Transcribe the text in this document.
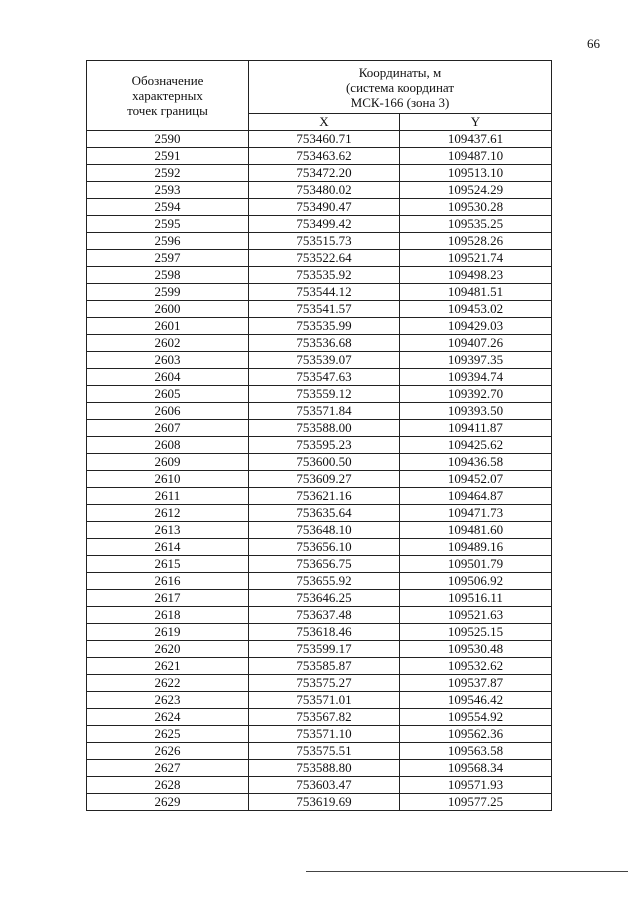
66
Обозначение
характерных
точек границы	Координаты, м
(система координат
МСК-166 (зона 3)	

	X	Y
2590	753460.71	109437.61
2591	753463.62	109487.10
2592	753472.20	109513.10
2593	753480.02	109524.29
2594	753490.47	109530.28
2595	753499.42	109535.25
2596	753515.73	109528.26
2597	753522.64	109521.74
2598	753535.92	109498.23
2599	753544.12	109481.51
2600	753541.57	109453.02
2601	753535.99	109429.03
2602	753536.68	109407.26
2603	753539.07	109397.35
2604	753547.63	109394.74
2605	753559.12	109392.70
2606	753571.84	109393.50
2607	753588.00	109411.87
2608	753595.23	109425.62
2609	753600.50	109436.58
2610	753609.27	109452.07
2611	753621.16	109464.87
2612	753635.64	109471.73
2613	753648.10	109481.60
2614	753656.10	109489.16
2615	753656.75	109501.79
2616	753655.92	109506.92
2617	753646.25	109516.11
2618	753637.48	109521.63
2619	753618.46	109525.15
2620	753599.17	109530.48
2621	753585.87	109532.62
2622	753575.27	109537.87
2623	753571.01	109546.42
2624	753567.82	109554.92
2625	753571.10	109562.36
2626	753575.51	109563.58
2627	753588.80	109568.34
2628	753603.47	109571.93
2629	753619.69	109577.25
